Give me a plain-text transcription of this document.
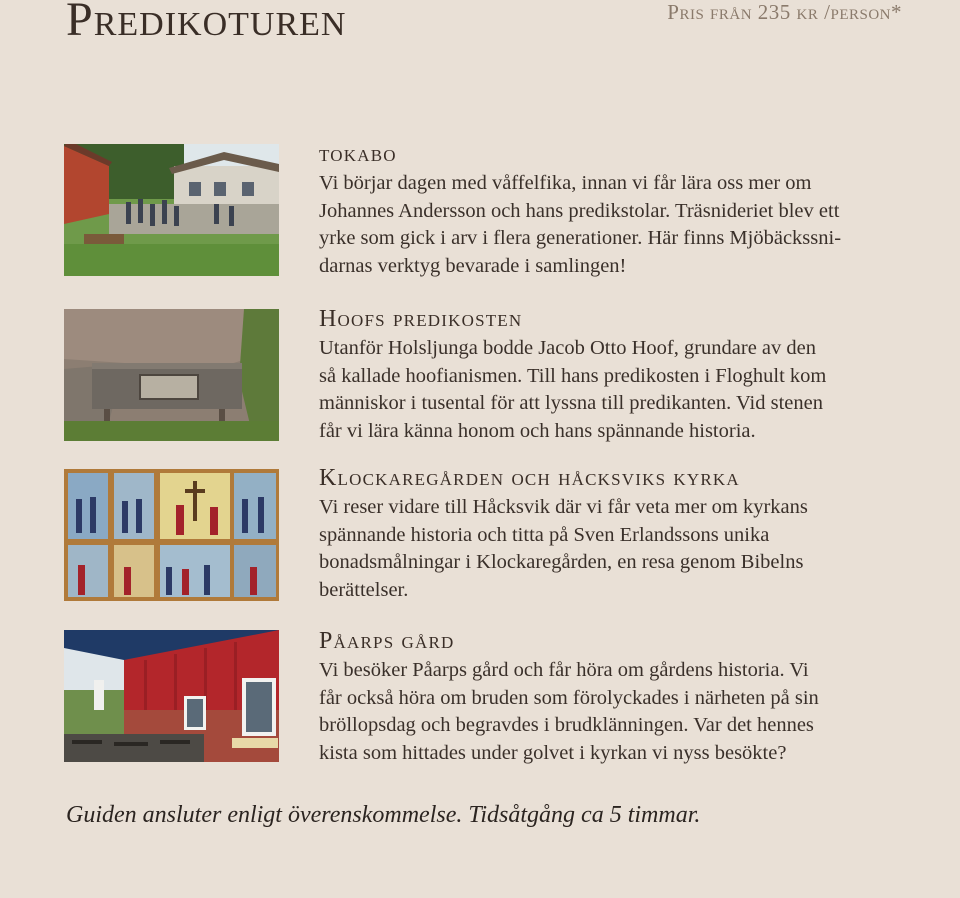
Predikoturen	Pris från 235 kr /person*
tokabo
Vi börjar dagen med våffelfika, innan vi får lära oss mer om
Johannes Andersson och hans predikstolar. Träsnideriet blev ett
yrke som gick i arv i flera generationer. Här finns Mjöbäckssni-
darnas verktyg bevarade i samlingen!
Hoofs predikosten
Utanför Holsljunga bodde Jacob Otto Hoof, grundare av den
så kallade hoofianismen. Till hans predikosten i Floghult kom
människor i tusental för att lyssna till predikanten. Vid stenen
får vi lära känna honom och hans spännande historia.
Klockaregården och håcksviks kyrka
Vi reser vidare till Håcksvik där vi får veta mer om kyrkans
spännande historia och titta på Sven Erlandssons unika
bonadsmålningar i Klockaregården, en resa genom Bibelns
berättelser.
Påarps gård
Vi besöker Påarps gård och får höra om gårdens historia. Vi
får också höra om bruden som förolyckades i närheten på sin
bröllopsdag och begravdes i brudklänningen. Var det hennes
kista som hittades under golvet i kyrkan vi nyss besökte?
Guiden ansluter enligt överenskommelse. Tidsåtgång ca 5 timmar.
